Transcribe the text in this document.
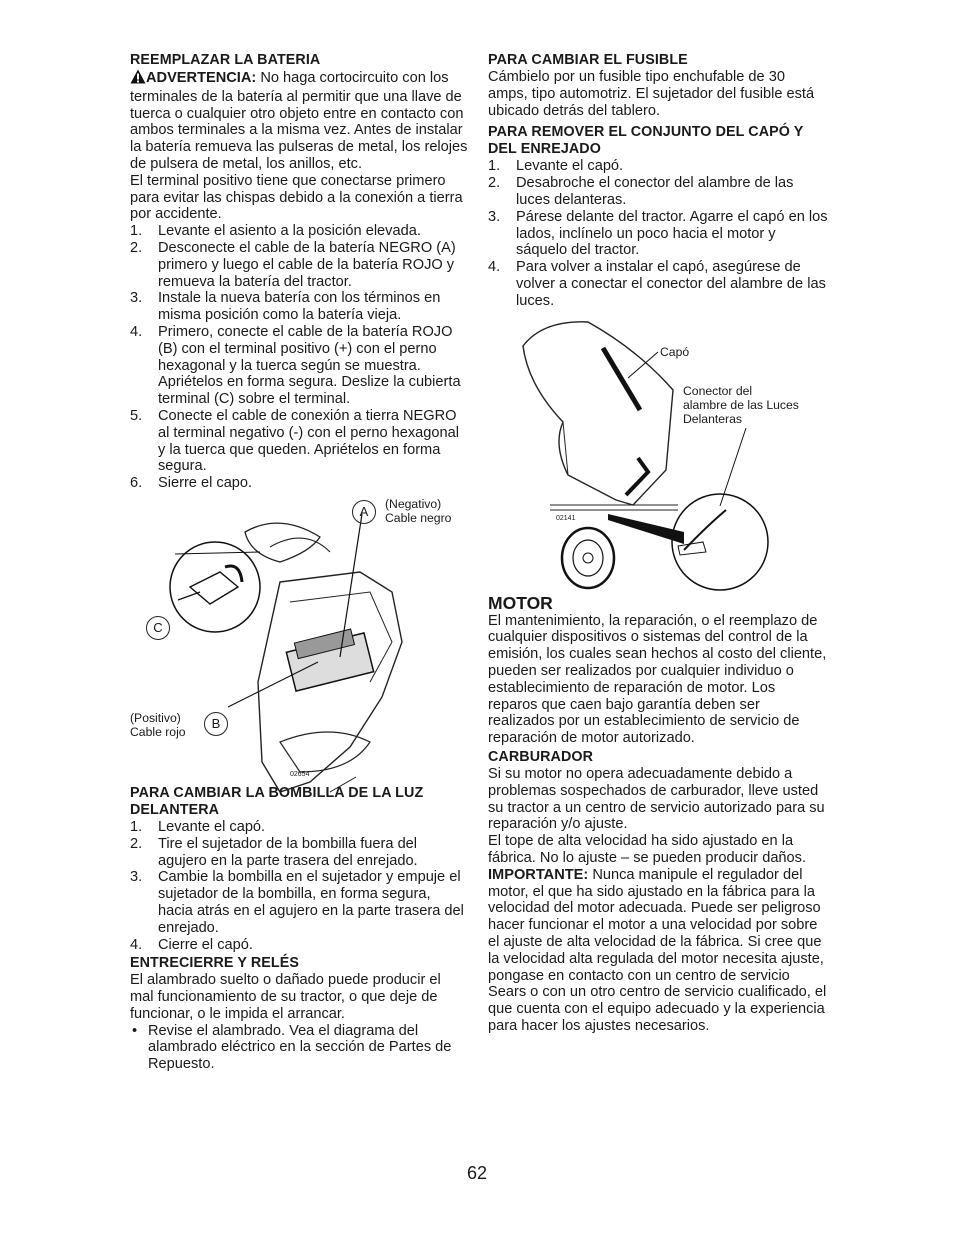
REEMPLAZAR LA BATERIA

ADVERTENCIA: No haga cortocircuito con los terminales de la batería al permitir que una llave de tuerca o cualquier otro objeto entre en contacto con ambos terminales a la misma vez. Antes de instalar la batería remueva las pulseras de metal, los relojes de pulsera de metal, los anillos, etc.

El terminal positivo tiene que conectarse primero para evitar las chispas debido a la conexión a tierra por accidente.

1. Levante el asiento a la posición elevada.
2. Desconecte el cable de la batería NEGRO (A) primero y luego el cable de la batería ROJO y remueva la batería del tractor.
3. Instale la nueva batería con los términos en misma posición como la batería vieja.
4. Primero, conecte el cable de la batería ROJO (B) con el terminal positivo (+) con el perno hexagonal y la tuerca según se muestra. Apriételos en forma segura. Deslize la cubierta terminal (C) sobre el terminal.
5. Conecte el cable de conexión a tierra NEGRO al terminal negativo (-) con el perno hexagonal y la tuerca que queden. Apriételos en forma segura.
6. Sierre el capo.
A	(Negativo)
Cable negro
C
(Positivo)
Cable rojo
B
02654

PARA CAMBIAR LA BOMBILLA DE LA LUZ DELANTERA

1. Levante el capó.
2. Tire el sujetador de la bombilla fuera del agujero en la parte trasera del enrejado.
3. Cambie la bombilla en el sujetador y empuje el sujetador de la bombilla, en forma segura, hacia atrás en el agujero en la parte trasera del enrejado.
4. Cierre el capó.

ENTRECIERRE Y RELÉS

El alambrado suelto o dañado puede producir el mal funcionamiento de su tractor, o que deje de funcionar, o le impida el arrancar.

• Revise el alambrado. Vea el diagrama del alambrado eléctrico en la sección de Partes de Repuesto.

PARA CAMBIAR EL FUSIBLE

Cámbielo por un fusible tipo enchufable de 30 amps, tipo automotriz. El sujetador del fusible está ubicado detrás del tablero.

PARA REMOVER EL CONJUNTO DEL CAPÓ Y DEL ENREJADO

1. Levante el capó.
2. Desabroche el conector del alambre de las luces delanteras.
3. Párese delante del tractor. Agarre el capó en los lados, inclínelo un poco hacia el motor y sáquelo del tractor.
4. Para volver a instalar el capó, asegúrese de volver a conectar el conector del alambre de las luces.
Capó
Conector del
alambre de las Luces
Delanteras
02141

MOTOR

El mantenimiento, la reparación, o el reemplazo de cualquier dispositivos o sistemas del control de la emisión, los cuales sean hechos al costo del cliente, pueden ser realizados por cualquier individuo o establecimiento de reparación de motor. Los reparos que caen bajo garantía deben ser realizados por un establecimiento de servicio de reparación de motor autorizado.

CARBURADOR

Si su motor no opera adecuadamente debido a problemas sospechados de carburador, lleve usted su tractor a un centro de servicio autorizado para su reparación y/o ajuste.

El tope de alta velocidad ha sido ajustado en la fábrica. No lo ajuste – se pueden producir daños.

IMPORTANTE: Nunca manipule el regulador del motor, el que ha sido ajustado en la fábrica para la velocidad del motor adecuada. Puede ser peligroso hacer funcionar el motor a una velocidad por sobre el ajuste de alta velocidad de la fábrica. Si cree que la velocidad alta regulada del motor necesita ajuste, pongase en contacto con un centro de servicio Sears o con un otro centro de servicio cualificado, el que cuenta con el equipo adecuado y la experiencia para hacer los ajustes necesarios.

62
